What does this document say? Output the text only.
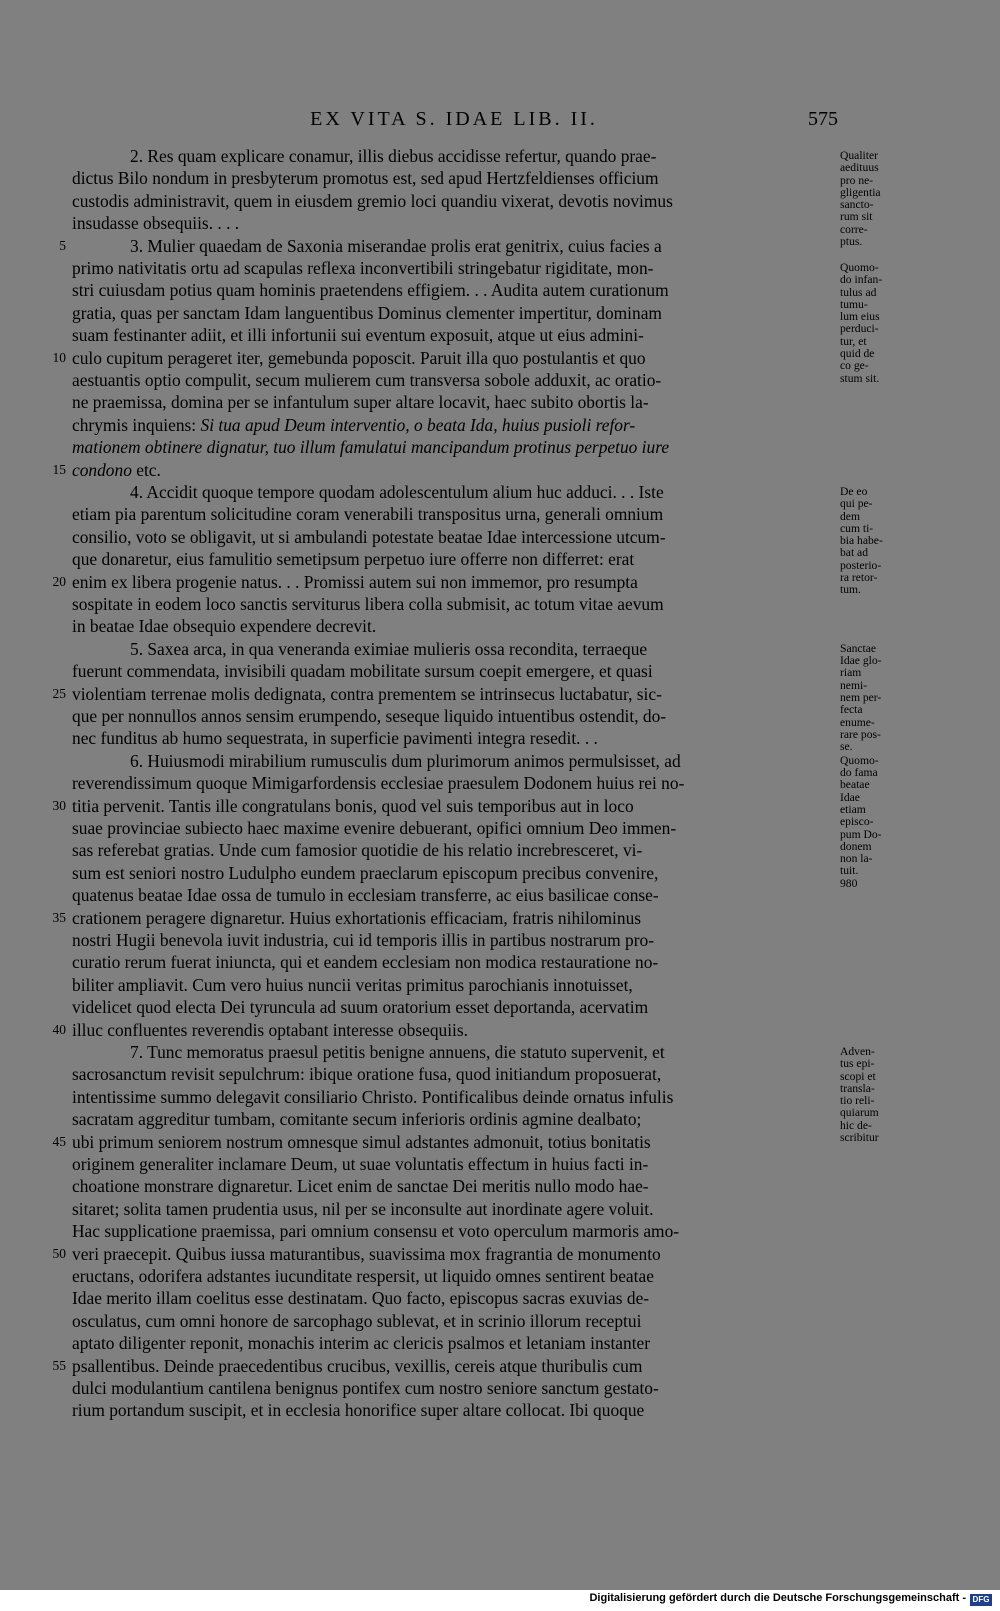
EX VITA S. IDAE LIB. II.	575
2. Res quam explicare conamur, illis diebus accidisse refertur, quando prae-
dictus Bilo nondum in presbyterum promotus est, sed apud Hertzfeldienses officium
custodis administravit, quem in eiusdem gremio loci quandiu vixerat, devotis novimus
insudasse obsequiis. . . .
3. Mulier quaedam de Saxonia miserandae prolis erat genitrix, cuius facies a
5
primo nativitatis ortu ad scapulas reflexa inconvertibili stringebatur rigiditate, mon-
stri cuiusdam potius quam hominis praetendens effigiem. . . Audita autem curationum
gratia, quas per sanctam Idam languentibus Dominus clementer impertitur, dominam
suam festinanter adiit, et illi infortunii sui eventum exposuit, atque ut eius admini-
culo cupitum perageret iter, gemebunda poposcit. Paruit illa quo postulantis et quo
10
aestuantis optio compulit, secum mulierem cum transversa sobole adduxit, ac oratio-
ne praemissa, domina per se infantulum super altare locavit, haec subito obortis la-
chrymis inquiens: Si tua apud Deum interventio, o beata Ida, huius pusioli refor-
mationem obtinere dignatur, tuo illum famulatui mancipandum protinus perpetuo iure
condono etc.
15
4. Accidit quoque tempore quodam adolescentulum alium huc adduci. . . Iste
etiam pia parentum solicitudine coram venerabili transpositus urna, generali omnium
consilio, voto se obligavit, ut si ambulandi potestate beatae Idae intercessione utcum-
que donaretur, eius famulitio semetipsum perpetuo iure offerre non differret: erat
enim ex libera progenie natus. . . Promissi autem sui non immemor, pro resumpta
20
sospitate in eodem loco sanctis serviturus libera colla submisit, ac totum vitae aevum
in beatae Idae obsequio expendere decrevit.
5. Saxea arca, in qua veneranda eximiae mulieris ossa recondita, terraeque
fuerunt commendata, invisibili quadam mobilitate sursum coepit emergere, et quasi
violentiam terrenae molis dedignata, contra prementem se intrinsecus luctabatur, sic-
25
que per nonnullos annos sensim erumpendo, seseque liquido intuentibus ostendit, do-
nec funditus ab humo sequestrata, in superficie pavimenti integra resedit. . .
6. Huiusmodi mirabilium rumusculis dum plurimorum animos permulsisset, ad
reverendissimum quoque Mimigarfordensis ecclesiae praesulem Dodonem huius rei no-
titia pervenit. Tantis ille congratulans bonis, quod vel suis temporibus aut in loco
30
suae provinciae subiecto haec maxime evenire debuerant, opifici omnium Deo immen-
sas referebat gratias. Unde cum famosior quotidie de his relatio increbresceret, vi-
sum est seniori nostro Ludulpho eundem praeclarum episcopum precibus convenire,
quatenus beatae Idae ossa de tumulo in ecclesiam transferre, ac eius basilicae conse-
crationem peragere dignaretur. Huius exhortationis efficaciam, fratris nihilominus
35
nostri Hugii benevola iuvit industria, cui id temporis illis in partibus nostrarum pro-
curatio rerum fuerat iniuncta, qui et eandem ecclesiam non modica restauratione no-
biliter ampliavit. Cum vero huius nuncii veritas primitus parochianis innotuisset,
videlicet quod electa Dei tyruncula ad suum oratorium esset deportanda, acervatim
illuc confluentes reverendis optabant interesse obsequiis.
40
7. Tunc memoratus praesul petitis benigne annuens, die statuto supervenit, et
sacrosanctum revisit sepulchrum: ibique oratione fusa, quod initiandum proposuerat,
intentissime summo delegavit consiliario Christo. Pontificalibus deinde ornatus infulis
sacratam aggreditur tumbam, comitante secum inferioris ordinis agmine dealbato;
ubi primum seniorem nostrum omnesque simul adstantes admonuit, totius bonitatis
45
originem generaliter inclamare Deum, ut suae voluntatis effectum in huius facti in-
choatione monstrare dignaretur. Licet enim de sanctae Dei meritis nullo modo hae-
sitaret; solita tamen prudentia usus, nil per se inconsulte aut inordinate agere voluit.
Hac supplicatione praemissa, pari omnium consensu et voto operculum marmoris amo-
veri praecepit. Quibus iussa maturantibus, suavissima mox fragrantia de monumento
50
eructans, odorifera adstantes iucunditate respersit, ut liquido omnes sentirent beatae
Idae merito illam coelitus esse destinatam. Quo facto, episcopus sacras exuvias de-
osculatus, cum omni honore de sarcophago sublevat, et in scrinio illorum receptui
aptato diligenter reponit, monachis interim ac clericis psalmos et letaniam instanter
psallentibus. Deinde praecedentibus crucibus, vexillis, cereis atque thuribulis cum
55
dulci modulantium cantilena benignus pontifex cum nostro seniore sanctum gestato-
rium portandum suscipit, et in ecclesia honorifice super altare collocat. Ibi quoque
Qualiter
aedituus
pro ne-
gligentia
sancto-
rum sit
corre-
ptus.
Quomo-
do infan-
tulus ad
tumu-
lum eius
perduci-
tur, et
quid de
co ge-
stum sit.
De eo
qui pe-
dem
cum ti-
bia habe-
bat ad
posterio-
ra retor-
tum.
Sanctae
Idae glo-
riam
nemi-
nem per-
fecta
enume-
rare pos-
se.
Quomo-
do fama
beatae
Idae
etiam
episco-
pum Do-
donem
non la-
tuit.
980
Adven-
tus epi-
scopi et
transla-
tio reli-
quiarum
hic de-
scribitur
Digitalisierung gefördert durch die Deutsche Forschungsgemeinschaft - DFG
